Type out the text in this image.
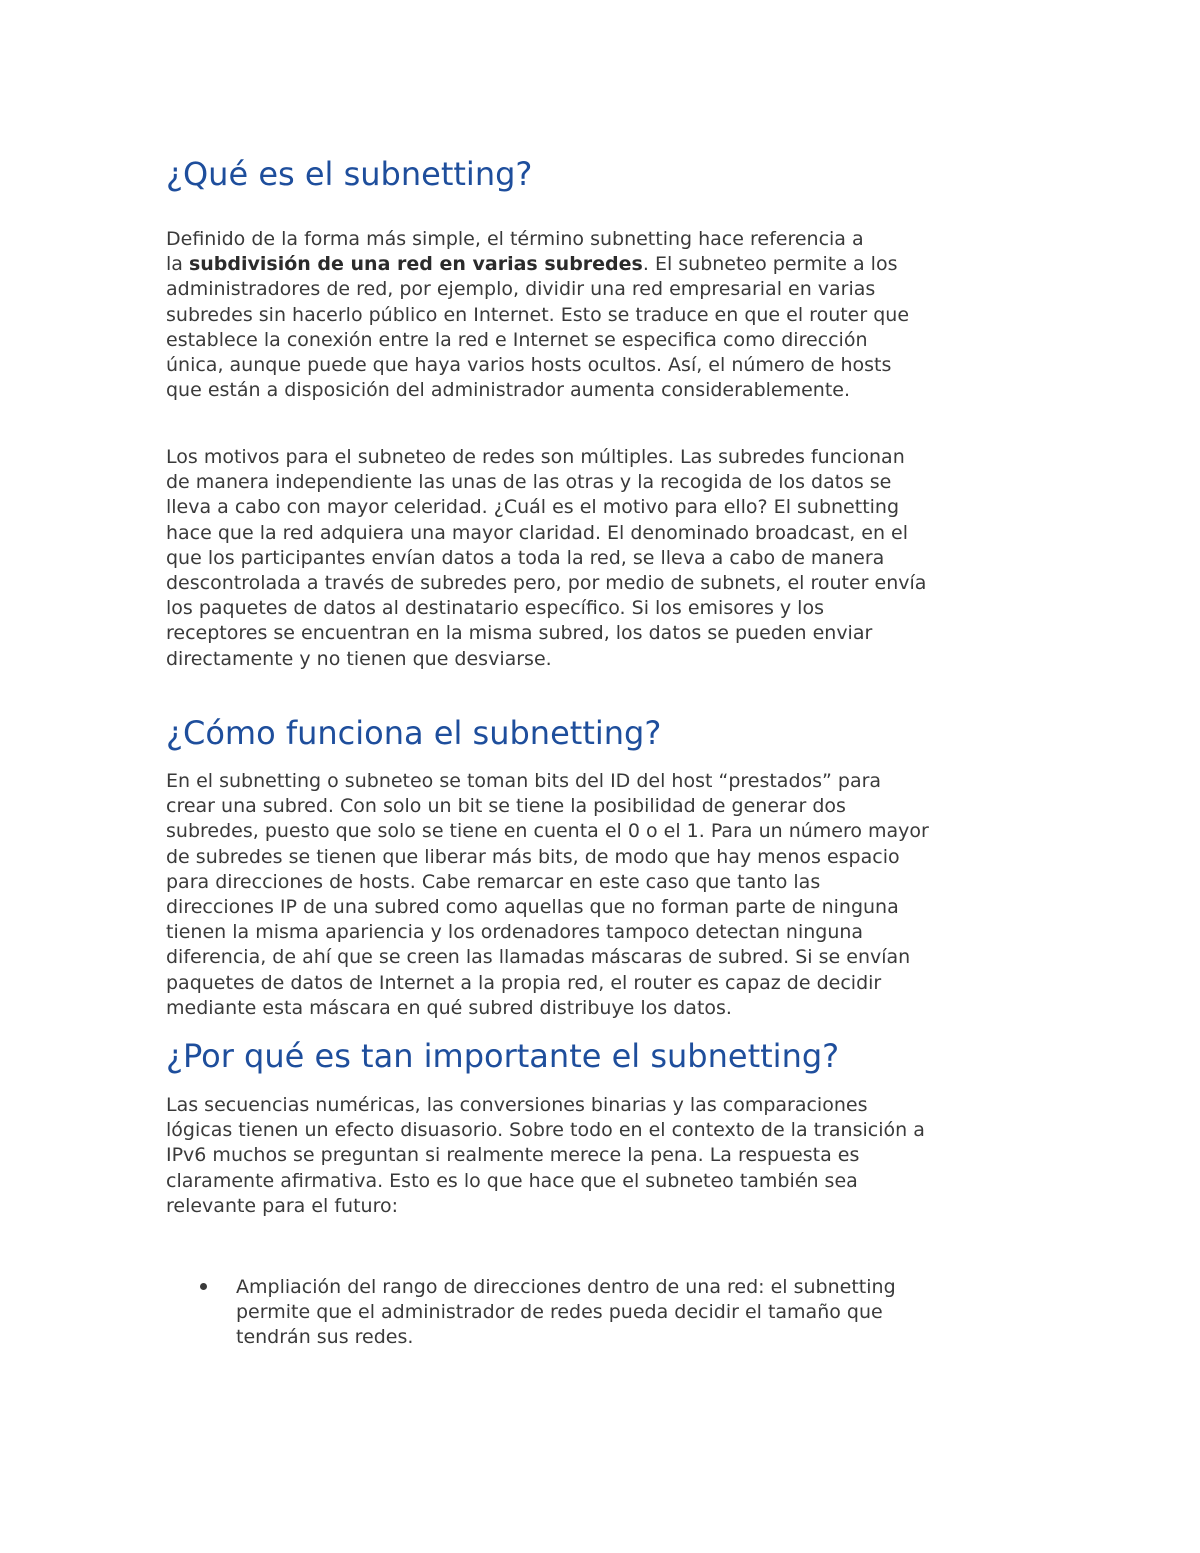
¿Qué es el subnetting?

Definido de la forma más simple, el término subnetting hace referencia a
la subdivisión de una red en varias subredes. El subneteo permite a los
administradores de red, por ejemplo, dividir una red empresarial en varias
subredes sin hacerlo público en Internet. Esto se traduce en que el router que
establece la conexión entre la red e Internet se especifica como dirección
única, aunque puede que haya varios hosts ocultos. Así, el número de hosts
que están a disposición del administrador aumenta considerablemente.

Los motivos para el subneteo de redes son múltiples. Las subredes funcionan
de manera independiente las unas de las otras y la recogida de los datos se
lleva a cabo con mayor celeridad. ¿Cuál es el motivo para ello? El subnetting
hace que la red adquiera una mayor claridad. El denominado broadcast, en el
que los participantes envían datos a toda la red, se lleva a cabo de manera
descontrolada a través de subredes pero, por medio de subnets, el router envía
los paquetes de datos al destinatario específico. Si los emisores y los
receptores se encuentran en la misma subred, los datos se pueden enviar
directamente y no tienen que desviarse.

¿Cómo funciona el subnetting?

En el subnetting o subneteo se toman bits del ID del host “prestados” para
crear una subred. Con solo un bit se tiene la posibilidad de generar dos
subredes, puesto que solo se tiene en cuenta el 0 o el 1. Para un número mayor
de subredes se tienen que liberar más bits, de modo que hay menos espacio
para direcciones de hosts. Cabe remarcar en este caso que tanto las
direcciones IP de una subred como aquellas que no forman parte de ninguna
tienen la misma apariencia y los ordenadores tampoco detectan ninguna
diferencia, de ahí que se creen las llamadas máscaras de subred. Si se envían
paquetes de datos de Internet a la propia red, el router es capaz de decidir
mediante esta máscara en qué subred distribuye los datos.

¿Por qué es tan importante el subnetting?

Las secuencias numéricas, las conversiones binarias y las comparaciones
lógicas tienen un efecto disuasorio. Sobre todo en el contexto de la transición a
IPv6 muchos se preguntan si realmente merece la pena. La respuesta es
claramente afirmativa. Esto es lo que hace que el subneteo también sea
relevante para el futuro:

Ampliación del rango de direcciones dentro de una red: el subnetting
permite que el administrador de redes pueda decidir el tamaño que
tendrán sus redes.
